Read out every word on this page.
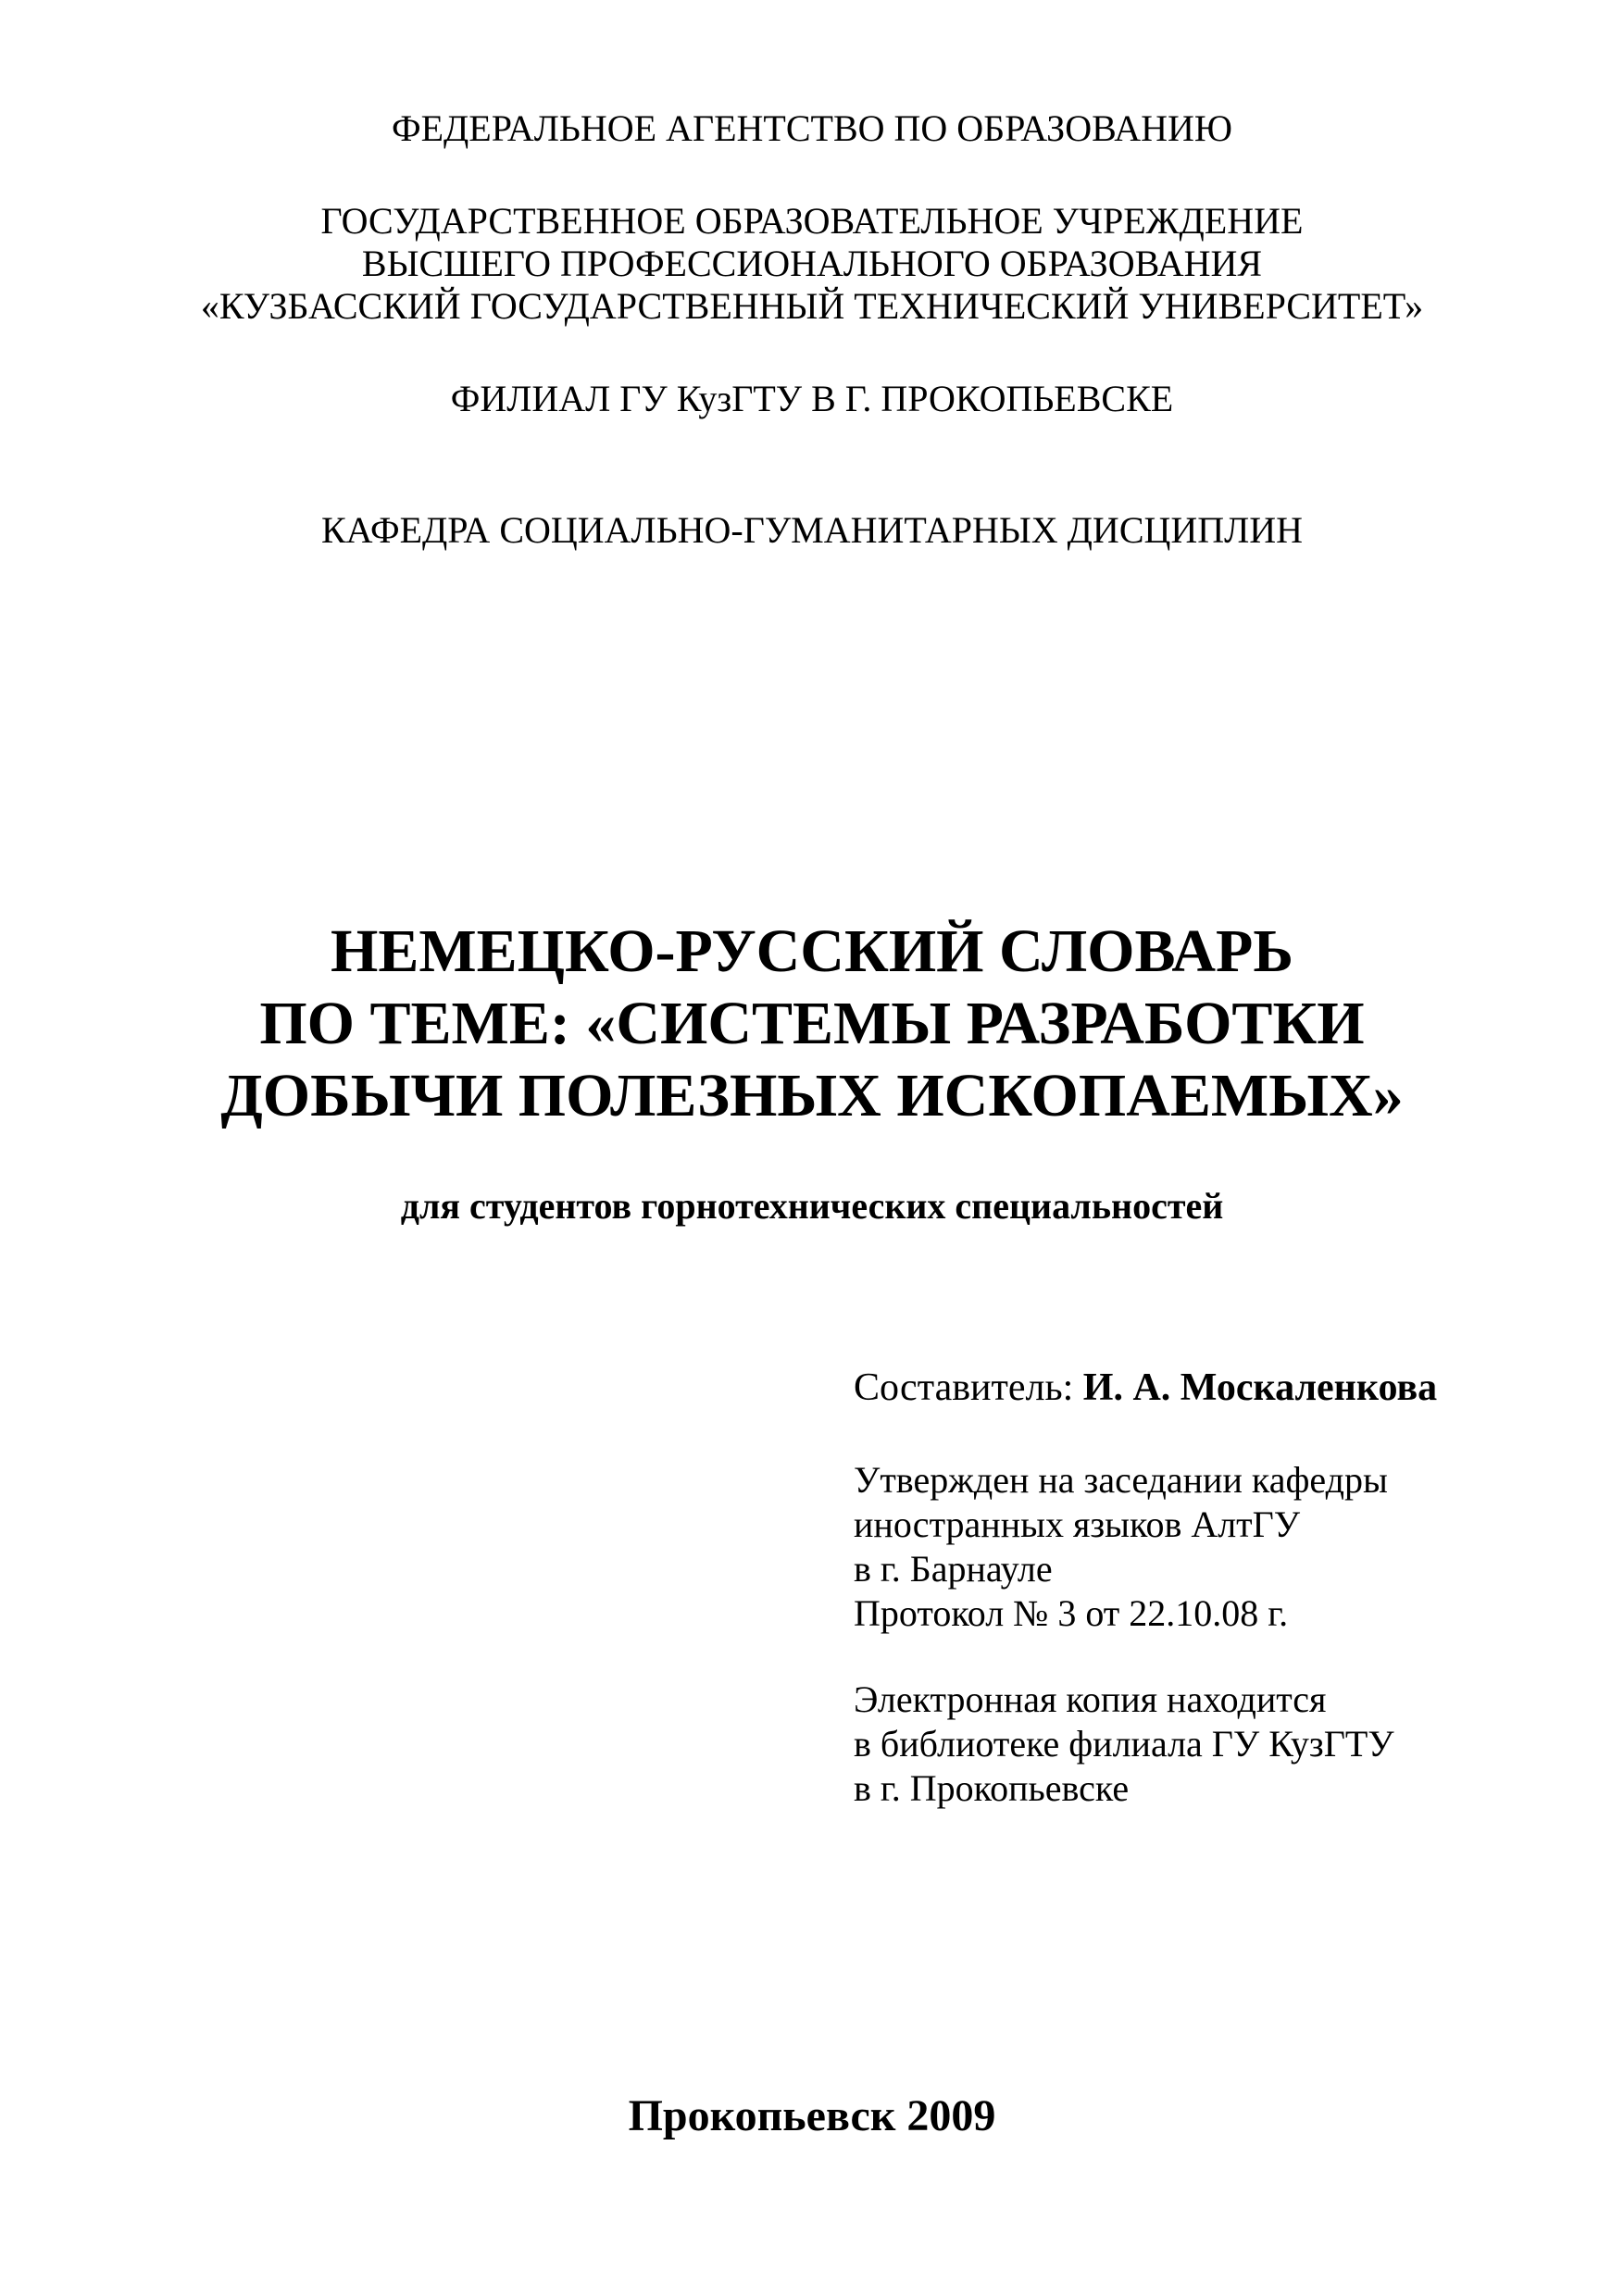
ФЕДЕРАЛЬНОЕ АГЕНТСТВО ПО ОБРАЗОВАНИЮ
ГОСУДАРСТВЕННОЕ ОБРАЗОВАТЕЛЬНОЕ УЧРЕЖДЕНИЕ
ВЫСШЕГО ПРОФЕССИОНАЛЬНОГО ОБРАЗОВАНИЯ
«КУЗБАССКИЙ ГОСУДАРСТВЕННЫЙ ТЕХНИЧЕСКИЙ УНИВЕРСИТЕТ»
ФИЛИАЛ ГУ КузГТУ В Г. ПРОКОПЬЕВСКЕ
КАФЕДРА СОЦИАЛЬНО-ГУМАНИТАРНЫХ ДИСЦИПЛИН
НЕМЕЦКО-РУССКИЙ СЛОВАРЬ
ПО ТЕМЕ: «СИСТЕМЫ РАЗРАБОТКИ
ДОБЫЧИ ПОЛЕЗНЫХ ИСКОПАЕМЫХ»
для студентов горнотехнических специальностей
Составитель: И. А. Москаленкова
Утвержден на заседании кафедры
иностранных языков АлтГУ
в г. Барнауле
Протокол № 3 от 22.10.08 г.
Электронная копия находится
в библиотеке филиала ГУ КузГТУ
в г. Прокопьевске
Прокопьевск 2009
